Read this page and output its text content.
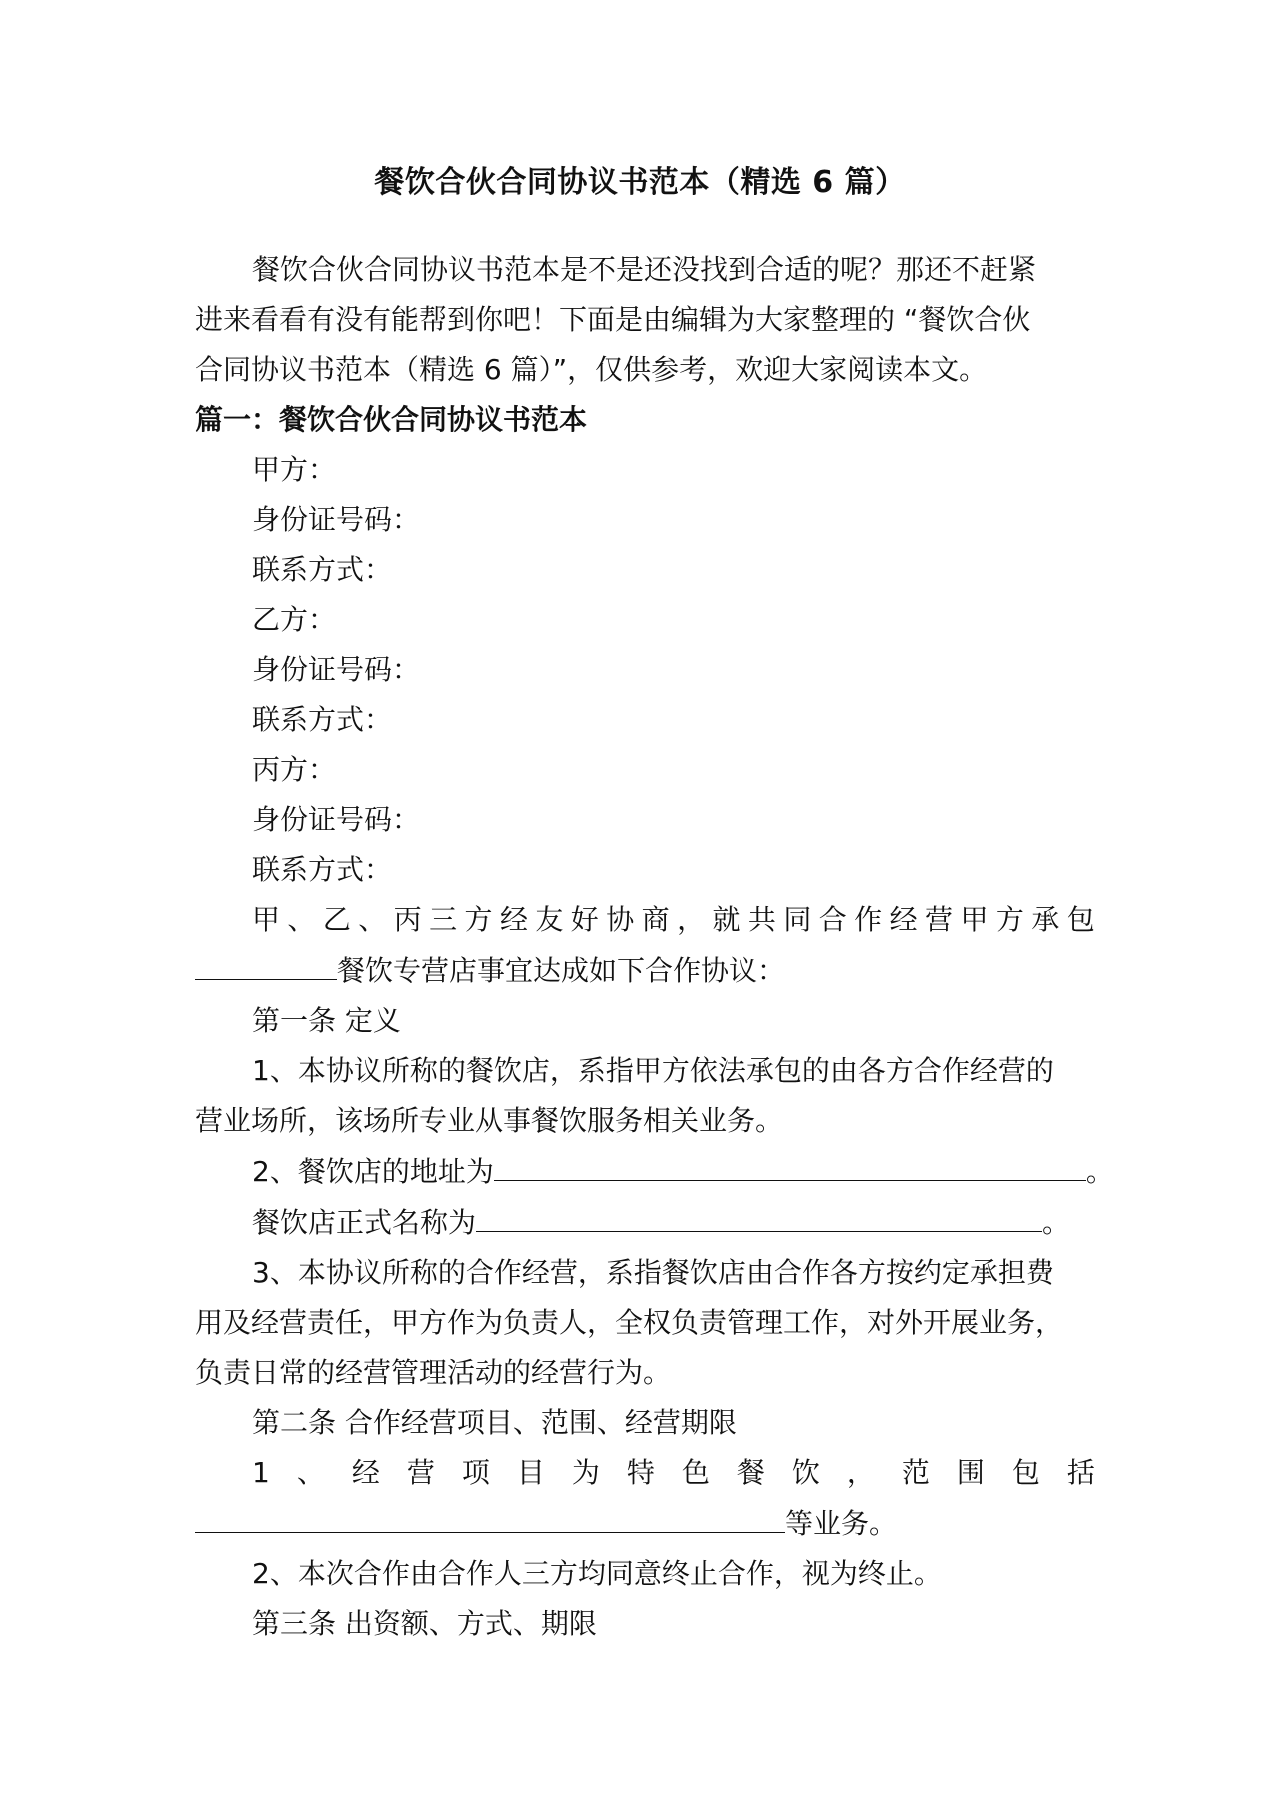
餐饮合伙合同协议书范本（精选 6 篇）

餐饮合伙合同协议书范本是不是还没找到合适的呢？那还不赶紧

进来看看有没有能帮到你吧！下面是由编辑为大家整理的 “餐饮合伙

合同协议书范本（精选 6 篇）”，仅供参考，欢迎大家阅读本文。

篇一：餐饮合伙合同协议书范本

甲方：

身份证号码：

联系方式：

乙方：

身份证号码：

联系方式：

丙方：

身份证号码：

联系方式：

甲 、 乙 、 丙 三 方 经 友 好 协 商 ， 就 共 同 合 作 经 营 甲 方 承 包

餐饮专营店事宜达成如下合作协议：

第一条 定义

1、本协议所称的餐饮店，系指甲方依法承包的由各方合作经营的

营业场所，该场所专业从事餐饮服务相关业务。

2、餐饮店的地址为	。

餐饮店正式名称为	。

3、本协议所称的合作经营，系指餐饮店由合作各方按约定承担费

用及经营责任，甲方作为负责人，全权负责管理工作，对外开展业务，

负责日常的经营管理活动的经营行为。

第二条 合作经营项目、范围、经营期限

1 、 经 营 项 目 为 特 色 餐 饮 ， 范 围 包 括

等业务。

2、本次合作由合作人三方均同意终止合作，视为终止。

第三条 出资额、方式、期限
